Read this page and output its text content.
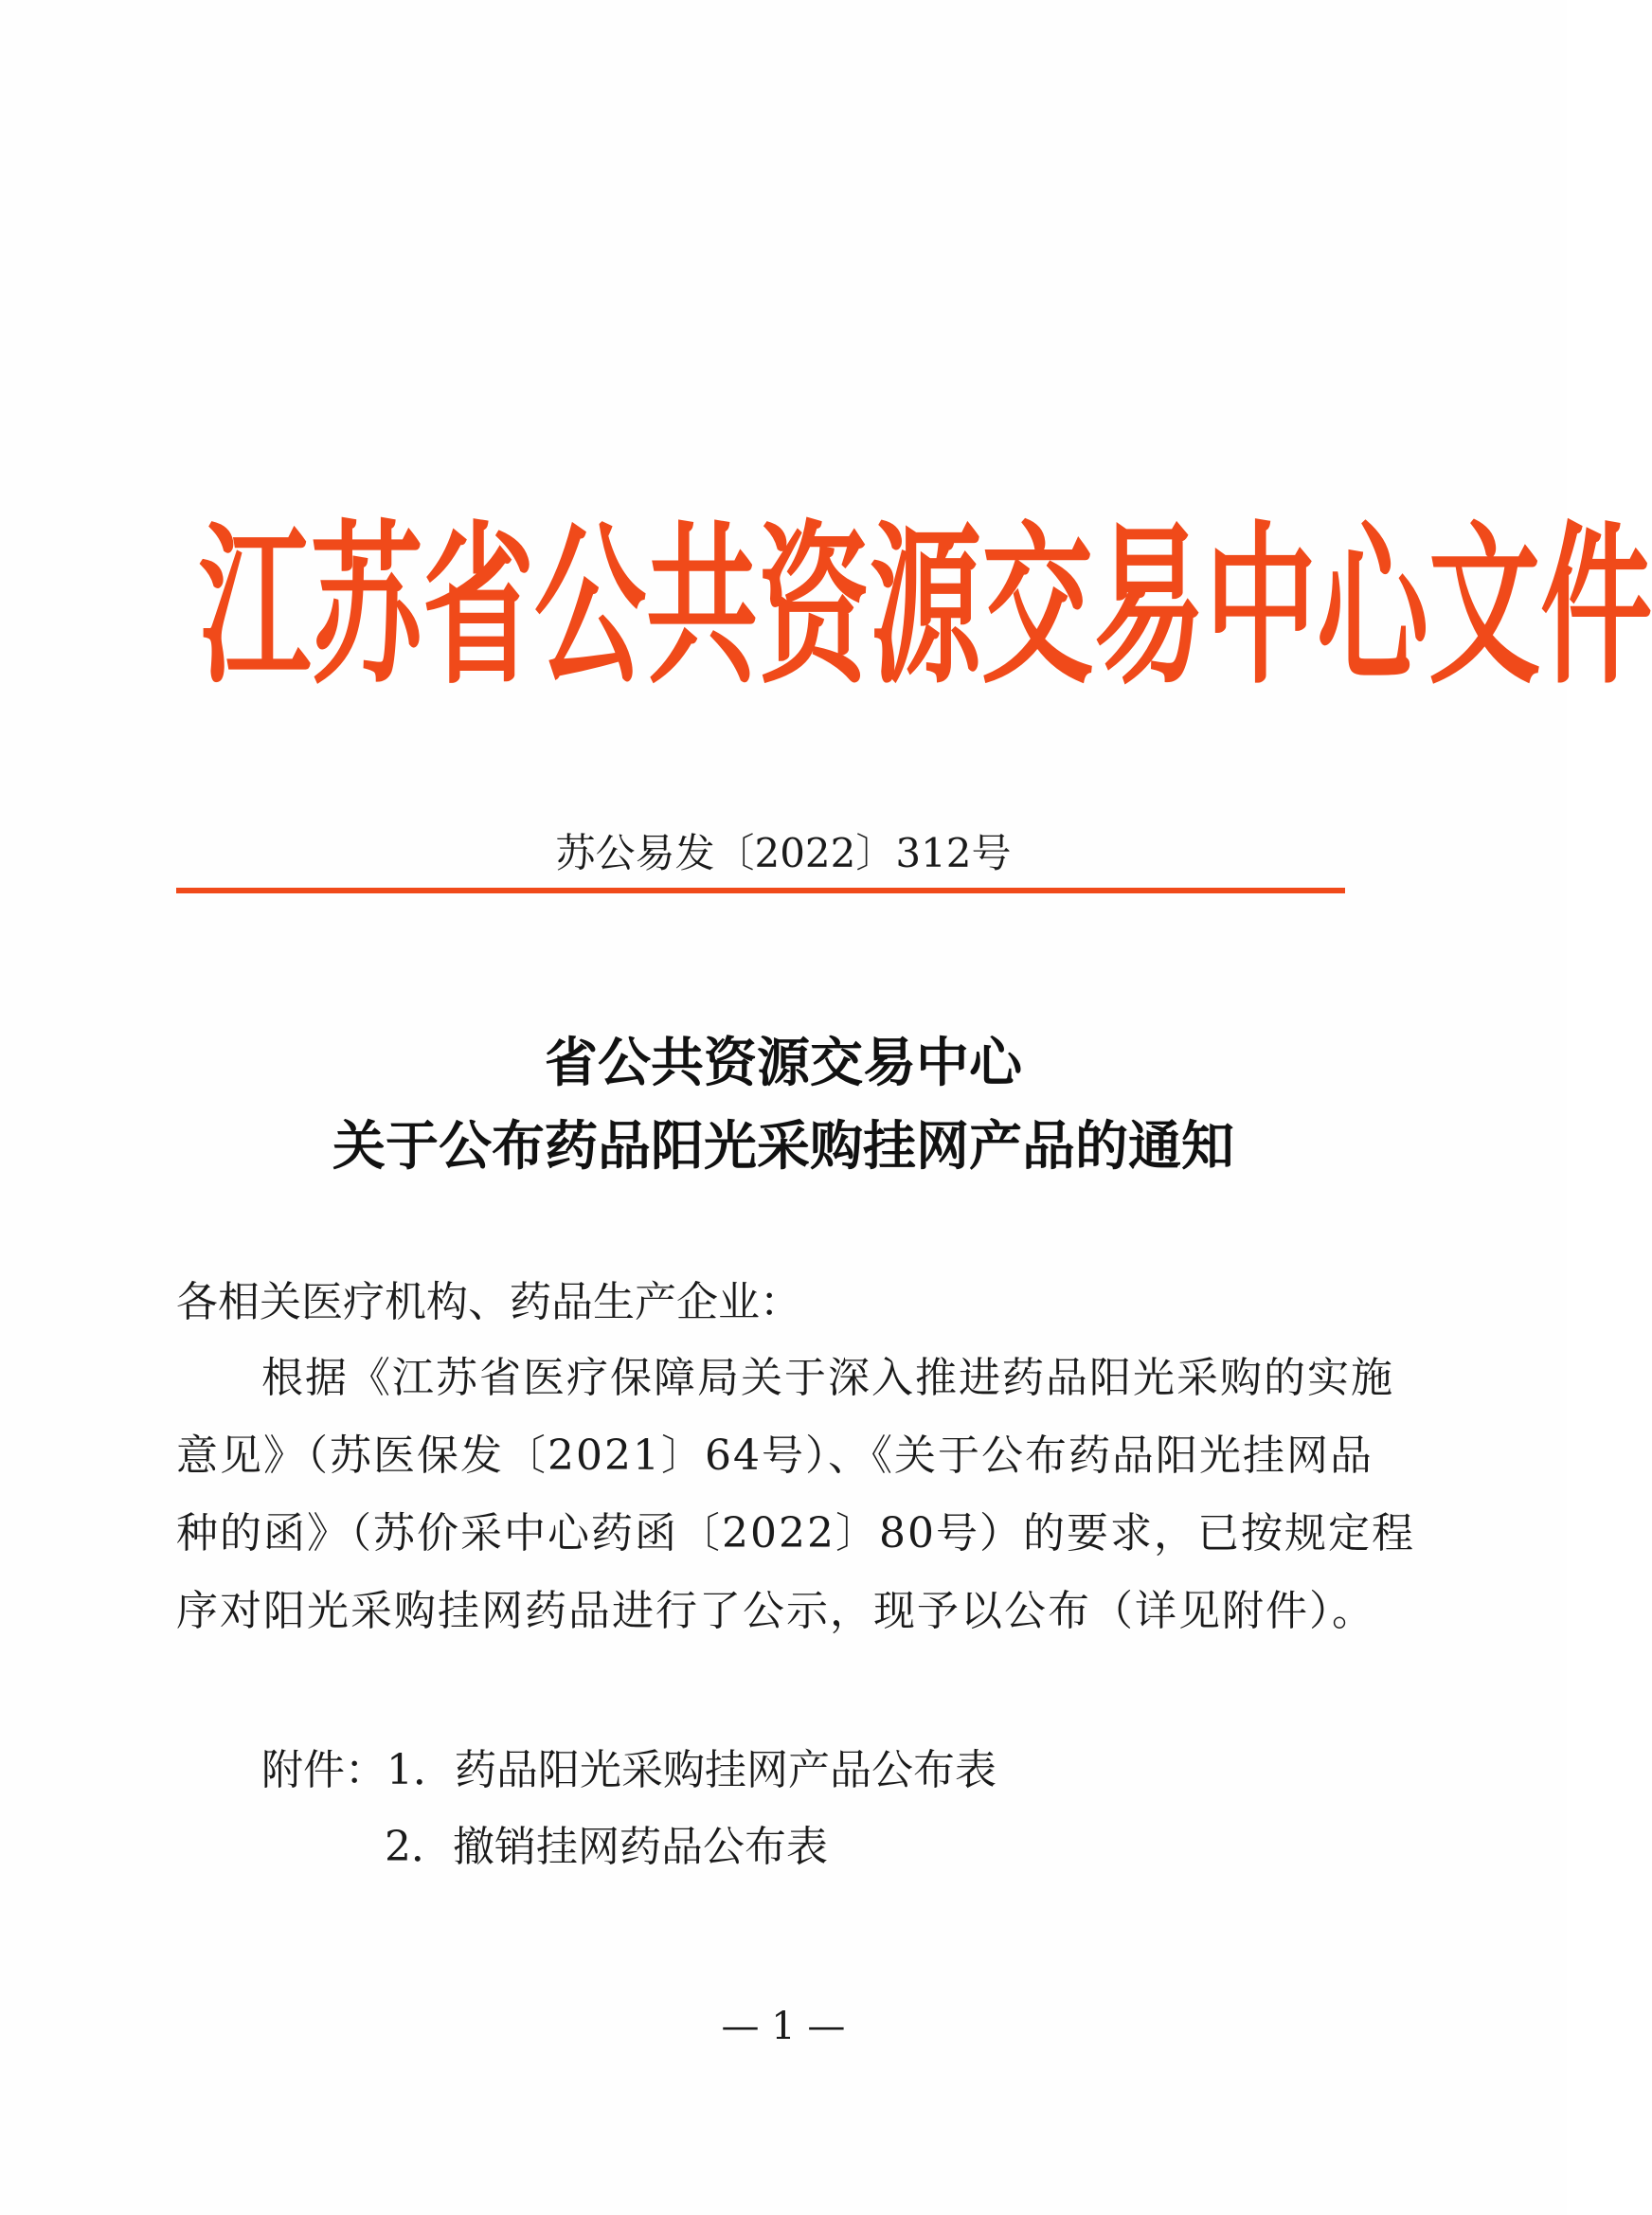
江 苏 省 公 共 资 源 交 易 中 心 文 件
苏公易发〔2022〕312号
省公共资源交易中心
关于公布药品阳光采购挂网产品的通知
各相关医疗机构、药品生产企业：
根据《江苏省医疗保障局关于深入推进药品阳光采购的实施
意见》（苏医保发〔2021〕64号）、《关于公布药品阳光挂网品
种的函》（苏价采中心药函〔2022〕80号）的要求，已按规定程
序对阳光采购挂网药品进行了公示，现予以公布（详见附件）。
附件：1．药品阳光采购挂网产品公布表
2．撤销挂网药品公布表
— 1 —
